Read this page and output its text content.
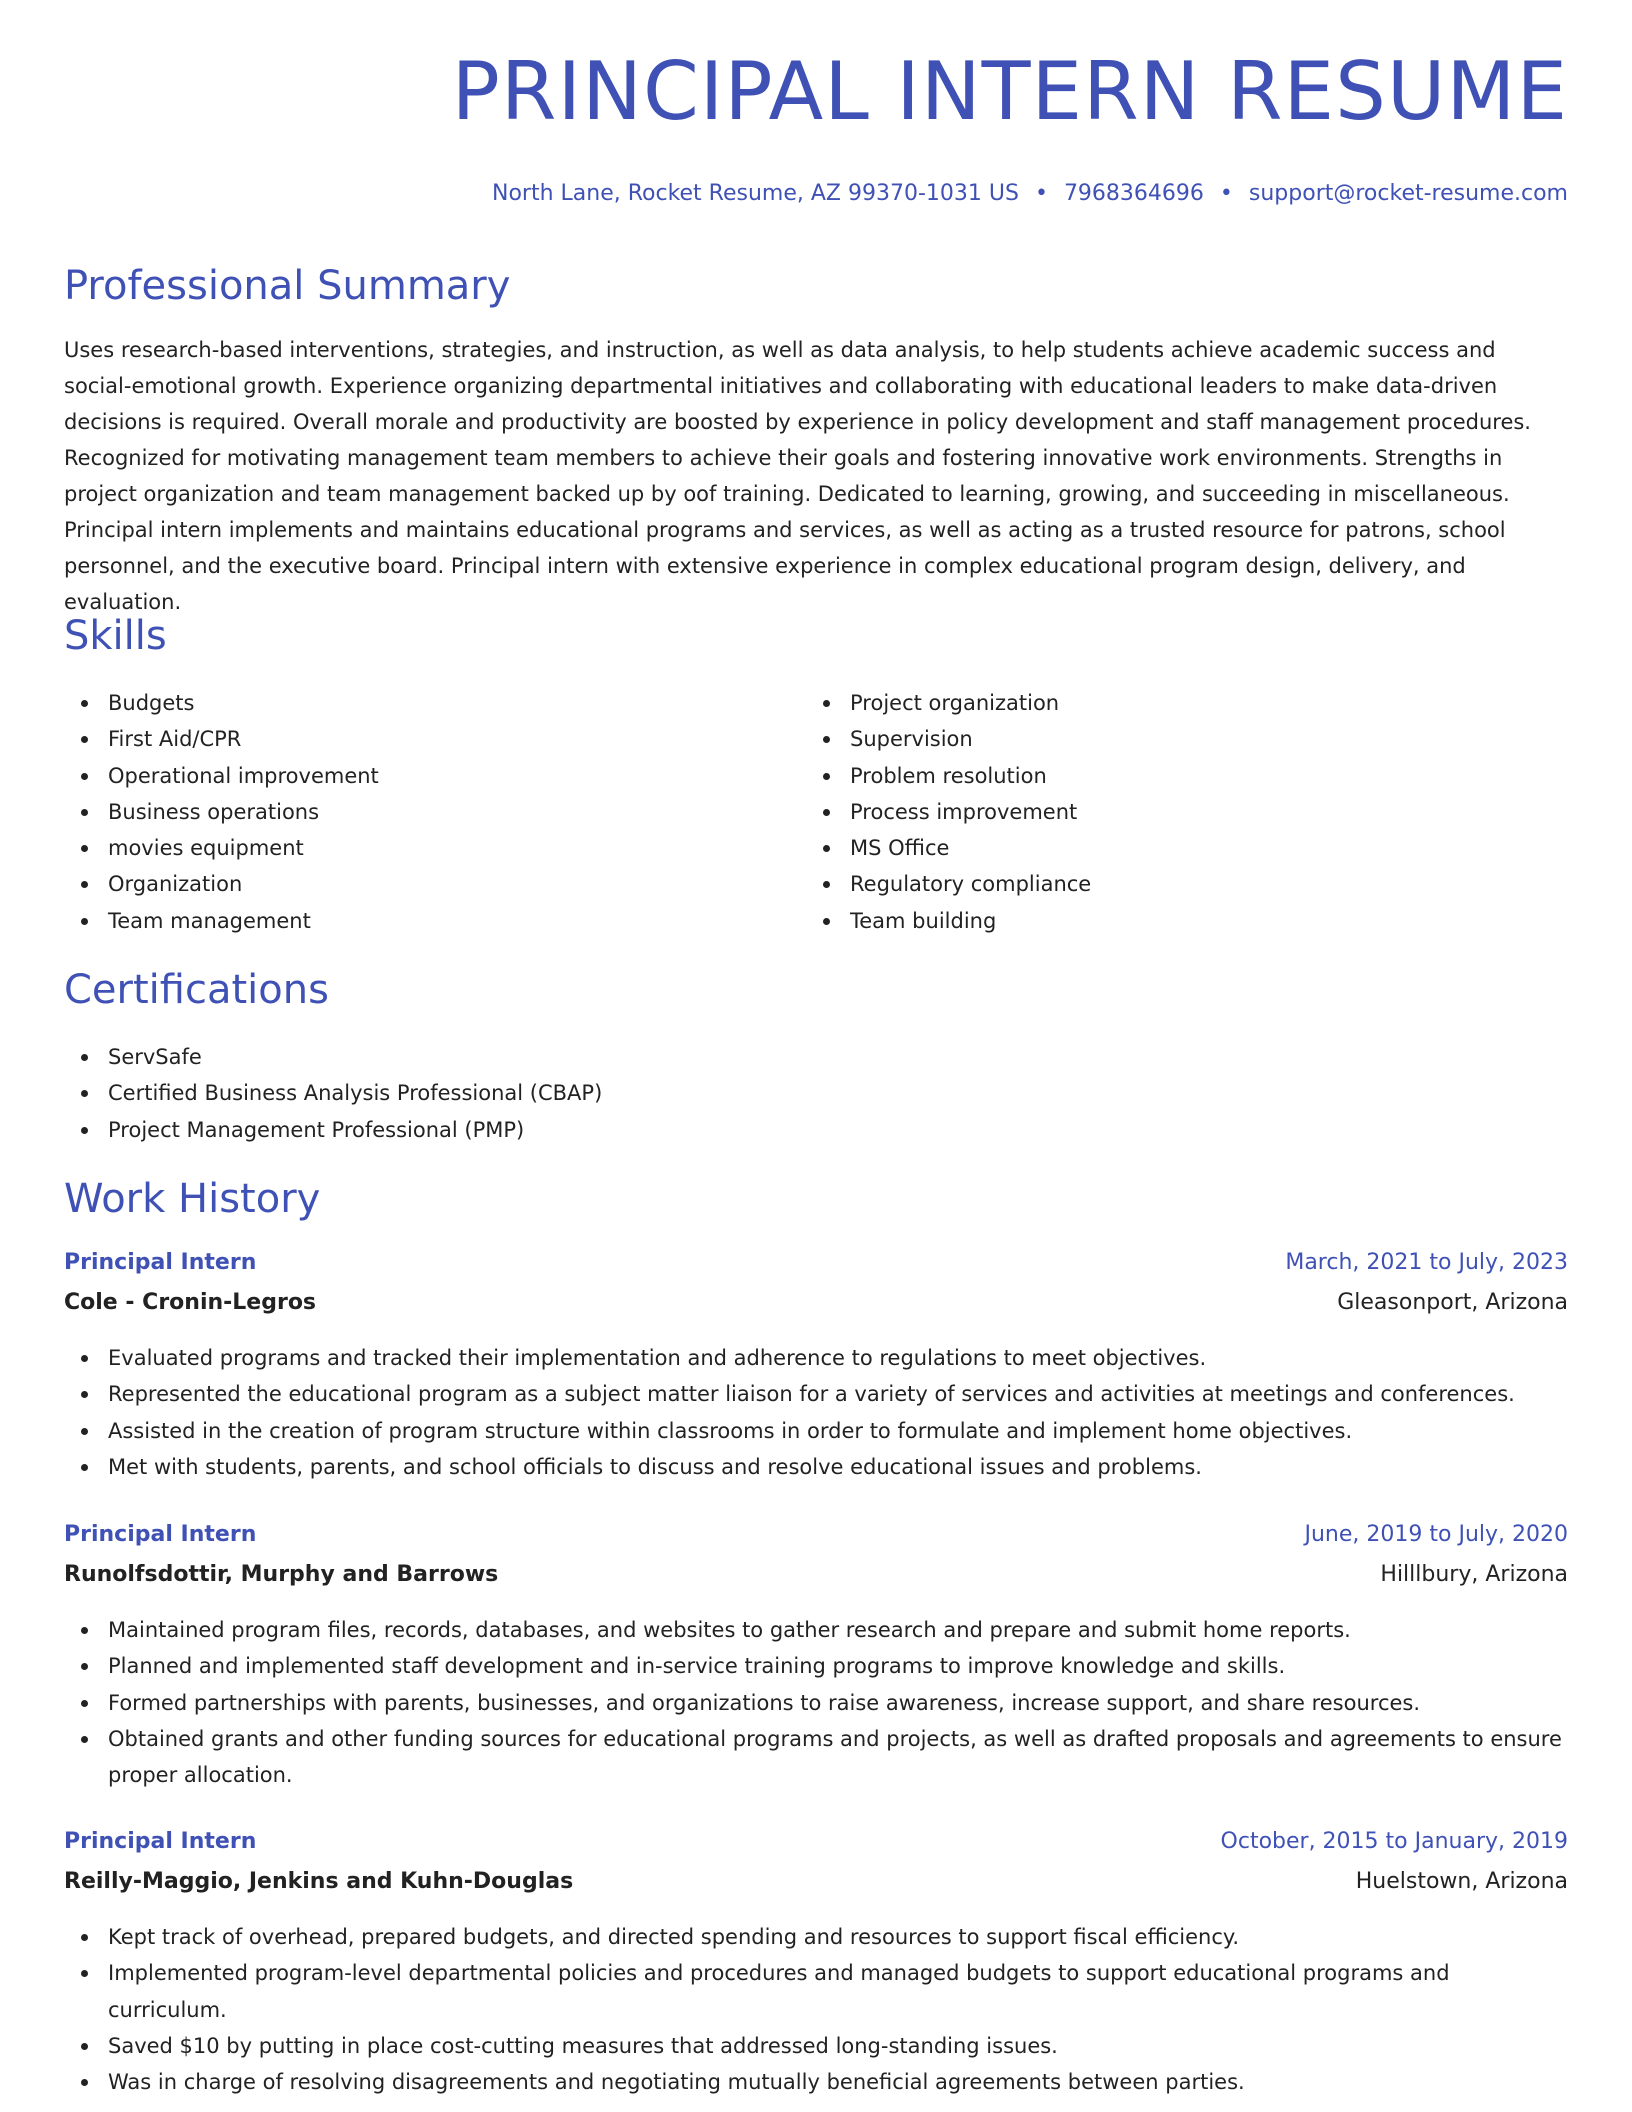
PRINCIPAL INTERN RESUME
North Lane, Rocket Resume, AZ 99370-1031 US • 7968364696 • support@rocket-resume.com
Professional Summary

Uses research-based interventions, strategies, and instruction, as well as data analysis, to help students achieve academic success and social-emotional growth. Experience organizing departmental initiatives and collaborating with educational leaders to make data-driven decisions is required. Overall morale and productivity are boosted by experience in policy development and staff management procedures. Recognized for motivating management team members to achieve their goals and fostering innovative work environments. Strengths in project organization and team management backed up by oof training. Dedicated to learning, growing, and succeeding in miscellaneous. Principal intern implements and maintains educational programs and services, as well as acting as a trusted resource for patrons, school personnel, and the executive board. Principal intern with extensive experience in complex educational program design, delivery, and evaluation.

Skills
Budgets
First Aid/CPR
Operational improvement
Business operations
movies equipment
Organization
Team management
Project organization
Supervision
Problem resolution
Process improvement
MS Office
Regulatory compliance
Team building
Certifications
ServSafe
Certified Business Analysis Professional (CBAP)
Project Management Professional (PMP)
Work History
Principal Intern	March, 2021 to July, 2023
Cole - Cronin-Legros	Gleasonport, Arizona
Evaluated programs and tracked their implementation and adherence to regulations to meet objectives.
Represented the educational program as a subject matter liaison for a variety of services and activities at meetings and conferences.
Assisted in the creation of program structure within classrooms in order to formulate and implement home objectives.
Met with students, parents, and school officials to discuss and resolve educational issues and problems.
Principal Intern	June, 2019 to July, 2020
Runolfsdottir, Murphy and Barrows	Hilllbury, Arizona
Maintained program files, records, databases, and websites to gather research and prepare and submit home reports.
Planned and implemented staff development and in-service training programs to improve knowledge and skills.
Formed partnerships with parents, businesses, and organizations to raise awareness, increase support, and share resources.
Obtained grants and other funding sources for educational programs and projects, as well as drafted proposals and agreements to ensure proper allocation.
Principal Intern	October, 2015 to January, 2019
Reilly-Maggio, Jenkins and Kuhn-Douglas	Huelstown, Arizona
Kept track of overhead, prepared budgets, and directed spending and resources to support fiscal efficiency.
Implemented program-level departmental policies and procedures and managed budgets to support educational programs and curriculum.
Saved $10 by putting in place cost-cutting measures that addressed long-standing issues.
Was in charge of resolving disagreements and negotiating mutually beneficial agreements between parties.
